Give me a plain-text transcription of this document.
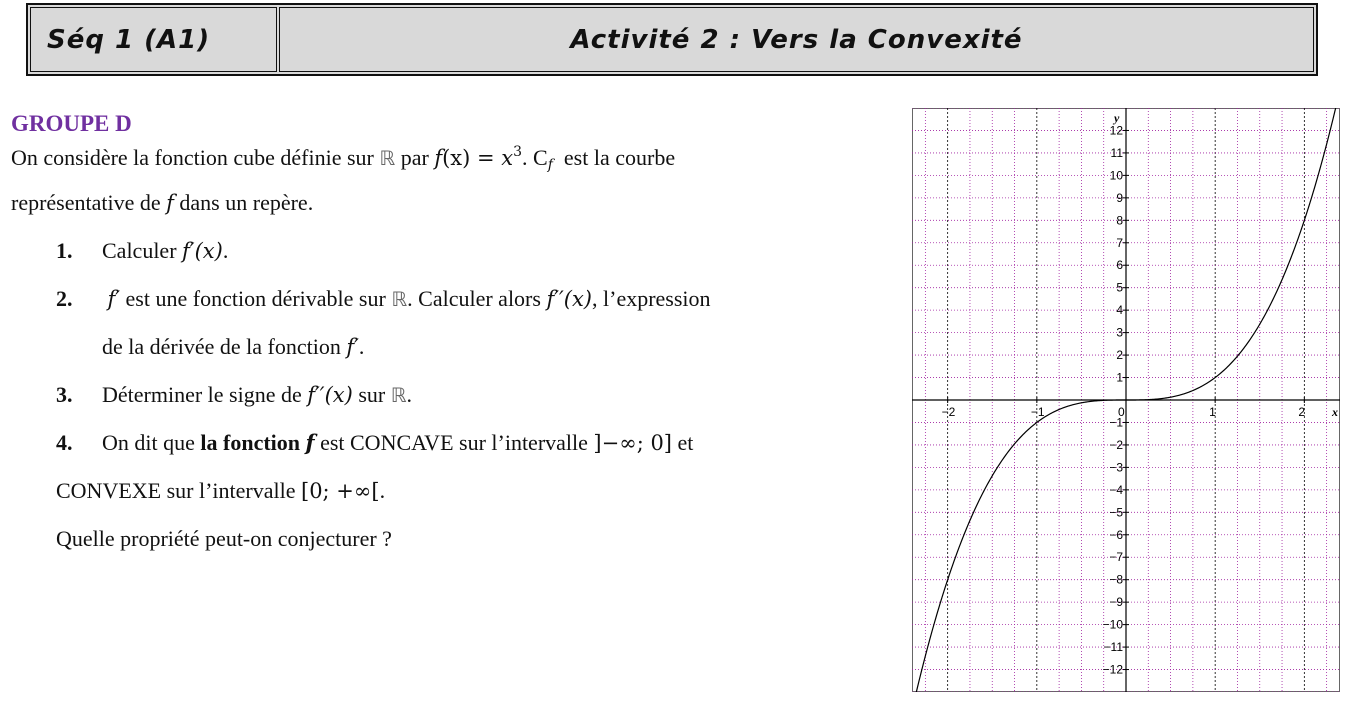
Séq 1 (A1)	Activité 2 : Vers la Convexité

GROUPE D

On considère la fonction cube définie sur ℝ par $f(x) = x^3$. $C_f$  est la courbe

représentative de f dans un repère.

1.	Calculer f′(x).
2.	f′ est une fonction dérivable sur ℝ. Calculer alors f′′(x), l’expression
de la dérivée de la fonction f′.
3.	Déterminer le signe de f′′(x) sur ℝ.
4.	On dit que la fonction f est CONCAVE sur l’intervalle ]−∞; 0] et
CONVEXE sur l’intervalle [0; +∞[.
Quelle propriété peut-on conjecturer ?
x
y
−2	−1	0	1	2
12
11
10
9
8
7
6
5
4
3
2
1
−1
−2
−3
−4
−5
−6
−7
−8
−9
−10
−11
−12
